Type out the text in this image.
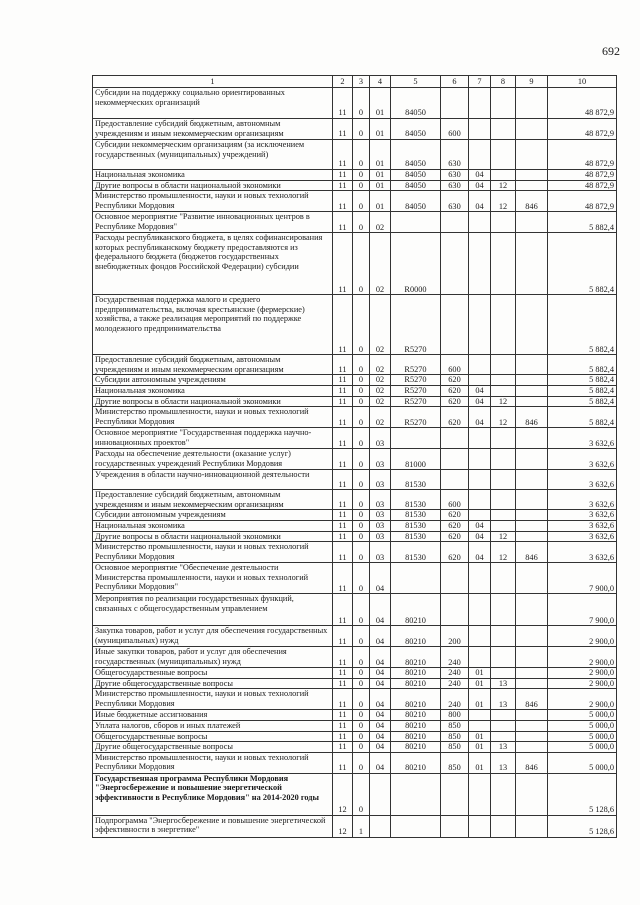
692
1	2	3	4	5	6	7	8	9	10
Субсидии на поддержку социально ориентированных некоммерческих организаций	11	0	01	84050					48 872,9
Предоставление субсидий бюджетным, автономным учреждениям и иным некоммерческим организациям	11	0	01	84050	600				48 872,9
Субсидии некоммерческим организациям (за исключением государственных (муниципальных) учреждений)	11	0	01	84050	630				48 872,9
Национальная экономика	11	0	01	84050	630	04			48 872,9
Другие вопросы в области национальной экономики	11	0	01	84050	630	04	12		48 872,9
Министерство промышленности, науки и новых технологий Республики Мордовия	11	0	01	84050	630	04	12	846	48 872,9
Основное мероприятие "Развитие инновационных центров в Республике Мордовия"	11	0	02						5 882,4
Расходы республиканского бюджета, в целях софинансирования которых республиканскому бюджету предоставляются из федерального бюджета (бюджетов государственных внебюджетных фондов Российской Федерации) субсидии	11	0	02	R0000					5 882,4
Государственная поддержка малого и среднего предпринимательства, включая крестьянские (фермерские) хозяйства, а также реализация мероприятий по поддержке молодежного предпринимательства	11	0	02	R5270					5 882,4
Предоставление субсидий бюджетным, автономным учреждениям и иным некоммерческим организациям	11	0	02	R5270	600				5 882,4
Субсидии автономным учреждениям	11	0	02	R5270	620				5 882,4
Национальная экономика	11	0	02	R5270	620	04			5 882,4
Другие вопросы в области национальной экономики	11	0	02	R5270	620	04	12		5 882,4
Министерство промышленности, науки и новых технологий Республики Мордовия	11	0	02	R5270	620	04	12	846	5 882,4
Основное мероприятие "Государственная поддержка научно-инновационных проектов"	11	0	03						3 632,6
Расходы на обеспечение деятельности (оказание услуг) государственных учреждений Республики Мордовия	11	0	03	81000					3 632,6
Учреждения в области научно-инновационной деятельности	11	0	03	81530					3 632,6
Предоставление субсидий бюджетным, автономным учреждениям и иным некоммерческим организациям	11	0	03	81530	600				3 632,6
Субсидии автономным учреждениям	11	0	03	81530	620				3 632,6
Национальная экономика	11	0	03	81530	620	04			3 632,6
Другие вопросы в области национальной экономики	11	0	03	81530	620	04	12		3 632,6
Министерство промышленности, науки и новых технологий Республики Мордовия	11	0	03	81530	620	04	12	846	3 632,6
Основное мероприятие "Обеспечение деятельности Министерства промышленности, науки и новых технологий Республики Мордовия"	11	0	04						7 900,0
Мероприятия по реализации государственных функций, связанных с общегосударственным управлением	11	0	04	80210					7 900,0
Закупка товаров, работ и услуг для обеспечения государственных (муниципальных) нужд	11	0	04	80210	200				2 900,0
Иные закупки товаров, работ и услуг для обеспечения государственных (муниципальных) нужд	11	0	04	80210	240				2 900,0
Общегосударственные вопросы	11	0	04	80210	240	01			2 900,0
Другие общегосударственные вопросы	11	0	04	80210	240	01	13		2 900,0
Министерство промышленности, науки и новых технологий Республики Мордовия	11	0	04	80210	240	01	13	846	2 900,0
Иные бюджетные ассигнования	11	0	04	80210	800				5 000,0
Уплата налогов, сборов и иных платежей	11	0	04	80210	850				5 000,0
Общегосударственные вопросы	11	0	04	80210	850	01			5 000,0
Другие общегосударственные вопросы	11	0	04	80210	850	01	13		5 000,0
Министерство промышленности, науки и новых технологий Республики Мордовия	11	0	04	80210	850	01	13	846	5 000,0
Государственная программа Республики Мордовия "Энергосбережение и повышение энергетической эффективности в Республике Мордовия" на 2014-2020 годы	12	0							5 128,6
Подпрограмма "Энергосбережение и повышение энергетической эффективности в энергетике"	12	1							5 128,6
